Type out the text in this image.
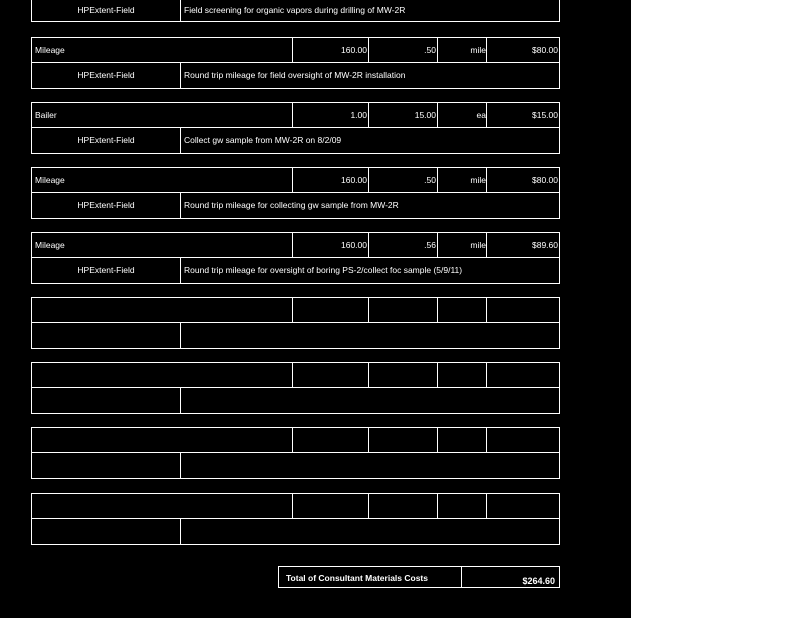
HPExtent-Field	Field screening for organic vapors during drilling of MW-2R
Mileage	160.00	.50	mile	$80.00
HPExtent-Field	Round trip mileage for field oversight of MW-2R installation
Bailer	1.00	15.00	ea	$15.00
HPExtent-Field	Collect gw sample from MW-2R on 8/2/09
Mileage	160.00	.50	mile	$80.00
HPExtent-Field	Round trip mileage for collecting gw sample from MW-2R
Mileage	160.00	.56	mile	$89.60
HPExtent-Field	Round trip mileage for oversight of boring PS-2/collect foc sample (5/9/11)
Total of Consultant Materials Costs	$264.60
